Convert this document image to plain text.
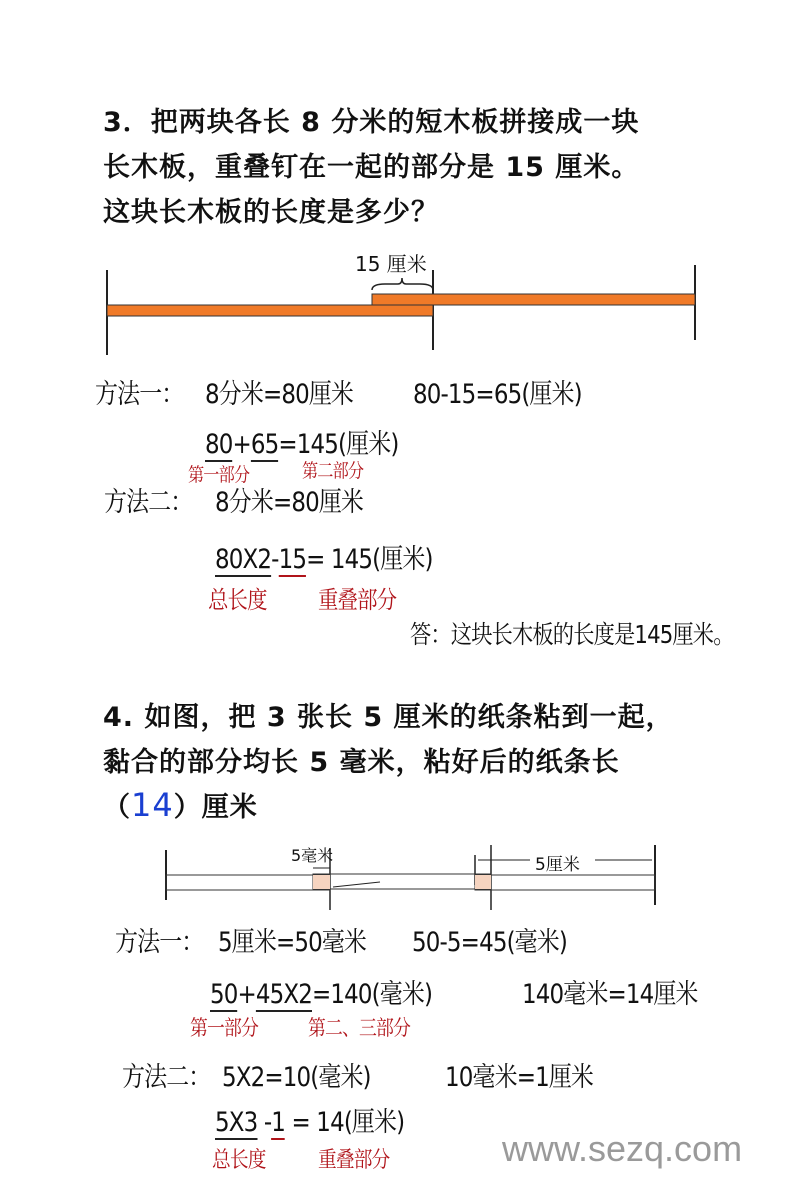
3．把两块各长 8 分米的短木板拼接成一块
长木板，重叠钉在一起的部分是 15 厘米。
这块长木板的长度是多少？
15 厘米
方法一： 8分米=80厘米 80-15=65(厘米)
80+65=145(厘米)
第一部分	第二部分
方法二： 8分米=80厘米
80X2-15= 145(厘米)
总长度 重叠部分
答：这块长木板的长度是145厘米。
4. 如图，把 3 张长 5 厘米的纸条粘到一起，
黏合的部分均长 5 毫米，粘好后的纸条长
（14）厘米
5毫米	5厘米
方法一： 5厘米=50毫米 50-5=45(毫米)
50+45X2=140(毫米)	140毫米=14厘米
第一部分 第二、三部分
方法二： 5X2=10(毫米)	10毫米=1厘米
5X3 -1 = 14(厘米)
总长度 重叠部分	www.sezq.com
